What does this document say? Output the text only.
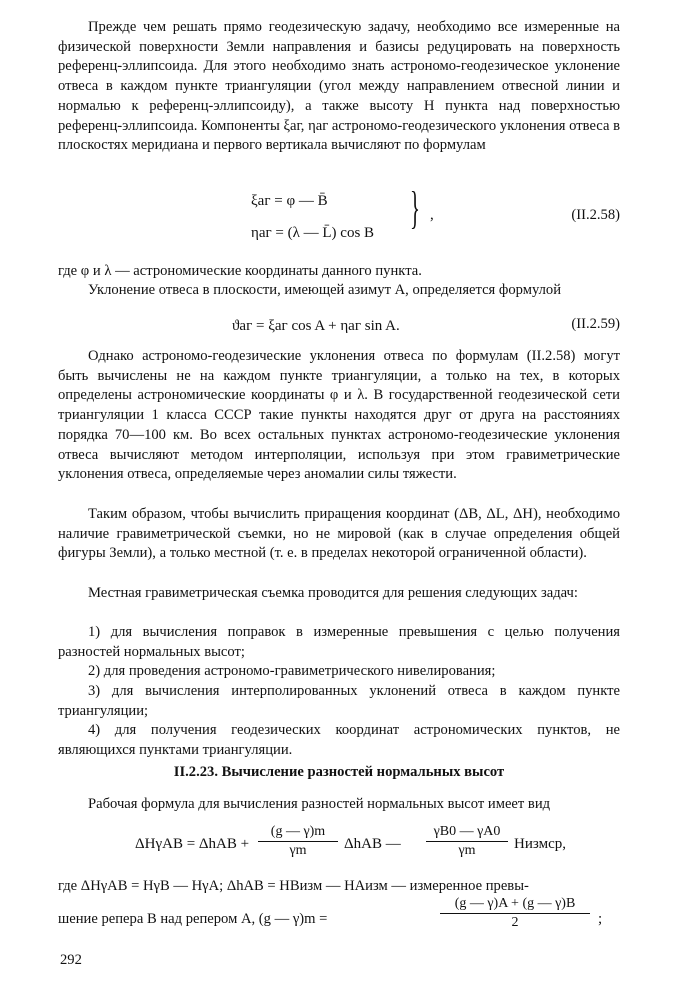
Прежде чем решать прямо геодезическую задачу, необходимо все измеренные на физической поверхности Земли направления и базисы редуцировать на поверхность референц-эллипсоида. Для этого необходимо знать астрономо-геодезическое уклонение отвеса в каждом пункте триангуляции (угол между направлением отвесной линии и нормалью к референц-эллипсоиду), а также высоту H пункта над поверхностью референц-эллипсоида. Компоненты ξаг, ηаг астрономо-геодезического уклонения отвеса в плоскостях меридиана и первого вертикала вычисляют по формулам

}
ξаг = φ — B̄
ηаг = (λ — L̄) cos B
,	(II.2.58)

где φ и λ — астрономические координаты данного пункта.

Уклонение отвеса в плоскости, имеющей азимут A, определяется формулой

ϑаг = ξаг cos A + ηаг sin A.	(II.2.59)

Однако астрономо-геодезические уклонения отвеса по формулам (II.2.58) могут быть вычислены не на каждом пункте триангуляции, а только на тех, в которых определены астрономические координаты φ и λ. В государственной геодезической сети триангуляции 1 класса СССР такие пункты находятся друг от друга на расстояниях порядка 70—100 км. Во всех остальных пунктах астрономо-геодезические уклонения отвеса вычисляют методом интерполяции, используя при этом гравиметрические уклонения отвеса, определяемые через аномалии силы тяжести.

Таким образом, чтобы вычислить приращения координат (ΔB, ΔL, ΔH), необходимо наличие гравиметрической съемки, но не мировой (как в случае определения общей фигуры Земли), а только местной (т. е. в пределах некоторой ограниченной области).

Местная гравиметрическая съемка проводится для решения следующих задач:

1) для вычисления поправок в измеренные превышения с целью получения разностей нормальных высот;

2) для проведения астрономо-гравиметрического нивелирования;

3) для вычисления интерполированных уклонений отвеса в каждом пункте триангуляции;

4) для получения геодезических координат астрономических пунктов, не являющихся пунктами триангуляции.

II.2.23. Вычисление разностей нормальных высот

Рабочая формула для вычисления разностей нормальных высот имеет вид

$\Delta H\gamma AB = \Delta hAB + \frac{(g — \gamma)m}{\gamma m}$ ΔhAB — $\frac{\gamma B0 — \gamma A0}{\gamma m}$ Hизмср,

где ΔHγAB = HγB — HγA; ΔhAB = HBизм — HAизм — измеренное превы-

шение репера B над репером A, (g — γ)m =	$\frac{(g — \gamma)A + (g — \gamma)B}{2}$ ;
292
